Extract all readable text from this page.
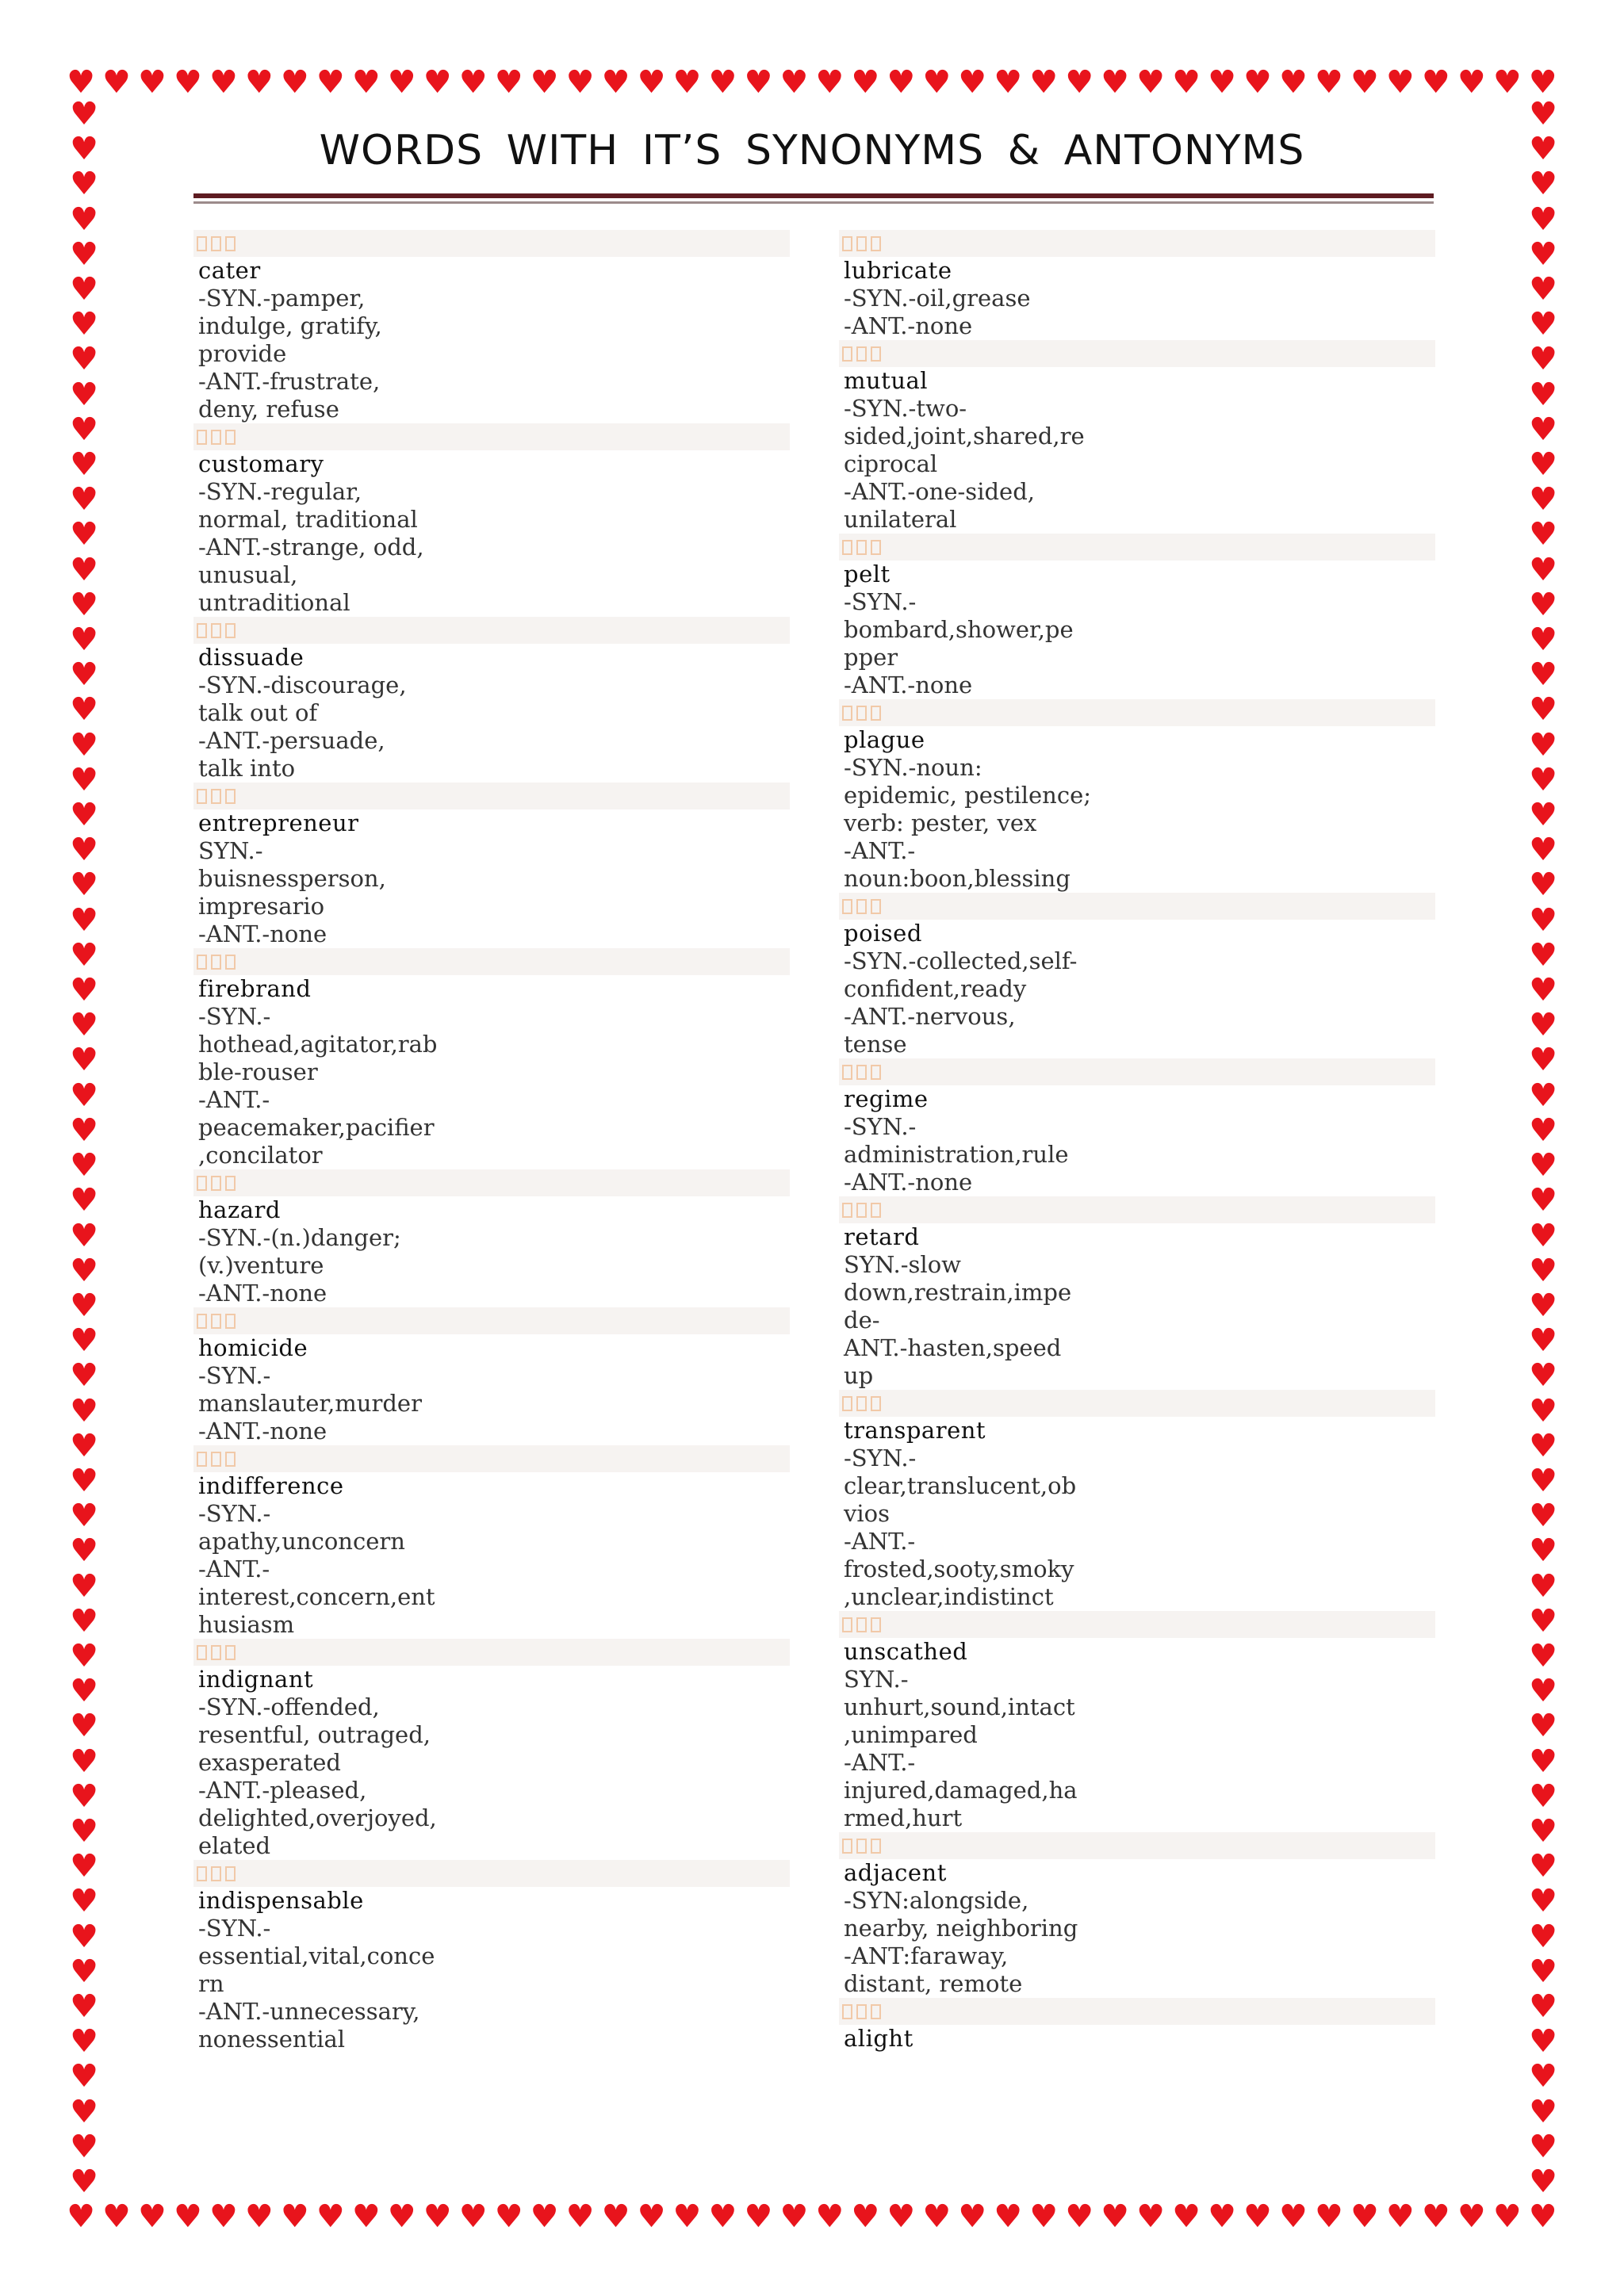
♥ ♥ ♥ ♥ ♥ ♥ ♥ ♥ ♥ ♥ ♥ ♥ ♥ ♥ ♥ ♥ ♥ ♥ ♥ ♥ ♥ ♥ ♥ ♥ ♥ ♥ ♥ ♥ ♥ ♥ ♥ ♥ ♥ ♥ ♥ ♥ ♥ ♥ ♥ ♥ ♥ ♥
♥ ♥ ♥ ♥ ♥ ♥ ♥ ♥ ♥ ♥ ♥ ♥ ♥ ♥ ♥ ♥ ♥ ♥ ♥ ♥ ♥ ♥ ♥ ♥ ♥ ♥ ♥ ♥ ♥ ♥ ♥ ♥ ♥ ♥ ♥ ♥ ♥ ♥ ♥ ♥ ♥ ♥
♥
♥
♥
♥
♥
♥
♥
♥
♥
♥
♥
♥
♥
♥
♥
♥
♥
♥
♥
♥
♥
♥
♥
♥
♥
♥
♥
♥
♥
♥
♥
♥
♥
♥
♥
♥
♥
♥
♥
♥
♥
♥
♥
♥
♥
♥
♥
♥
♥
♥
♥
♥
♥
♥
♥
♥
♥
♥
♥
♥
♥
♥
♥
♥
♥
♥
♥
♥
♥
♥
♥
♥
♥
♥
♥
♥
♥
♥
♥
♥
♥
♥
♥
♥
♥
♥
♥
♥
♥
♥
♥
♥
♥
♥
♥
♥
♥
♥
♥
♥
♥
♥
♥
♥
♥
♥
♥
♥
♥
♥
♥
♥
♥
♥
♥
♥
♥
♥
♥
♥
WORDS WITH IT’S SYNONYMS & ANTONYMS
cater
-SYN.-pamper,
indulge, gratify,
provide
-ANT.-frustrate,
deny, refuse
customary
-SYN.-regular,
normal, traditional
-ANT.-strange, odd,
unusual,
untraditional
dissuade
-SYN.-discourage,
talk out of
-ANT.-persuade,
talk into
entrepreneur
SYN.-
buisnessperson,
impresario
-ANT.-none
firebrand
-SYN.-
hothead,agitator,rab
ble-rouser
-ANT.-
peacemaker,pacifier
,concilator
hazard
-SYN.-(n.)danger;
(v.)venture
-ANT.-none
homicide
-SYN.-
manslauter,murder
-ANT.-none
indifference
-SYN.-
apathy,unconcern
-ANT.-
interest,concern,ent
husiasm
indignant
-SYN.-offended,
resentful, outraged,
exasperated
-ANT.-pleased,
delighted,overjoyed,
elated
indispensable
-SYN.-
essential,vital,conce
rn
-ANT.-unnecessary,
nonessential
lubricate
-SYN.-oil,grease
-ANT.-none
mutual
-SYN.-two-
sided,joint,shared,re
ciprocal
-ANT.-one-sided,
unilateral
pelt
-SYN.-
bombard,shower,pe
pper
-ANT.-none
plague
-SYN.-noun:
epidemic, pestilence;
verb: pester, vex
-ANT.-
noun:boon,blessing
poised
-SYN.-collected,self-
confident,ready
-ANT.-nervous,
tense
regime
-SYN.-
administration,rule
-ANT.-none
retard
SYN.-slow
down,restrain,impe
de-
ANT.-hasten,speed
up
transparent
-SYN.-
clear,translucent,ob
vios
-ANT.-
frosted,sooty,smoky
,unclear,indistinct
unscathed
SYN.-
unhurt,sound,intact
,unimpared
-ANT.-
injured,damaged,ha
rmed,hurt
adjacent
-SYN:alongside,
nearby, neighboring
-ANT:faraway,
distant, remote
alight
